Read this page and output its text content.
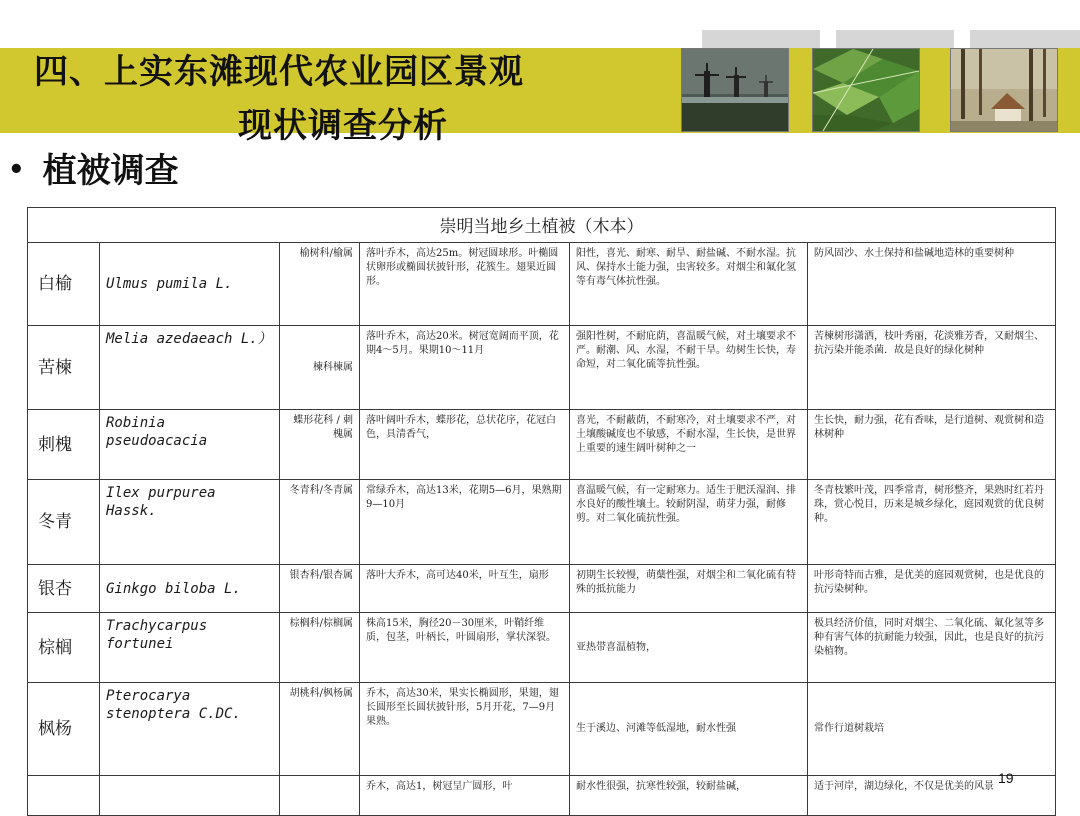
四、上实东滩现代农业园区景观
现状调查分析
• 植被调查
崇明当地乡土植被（木本）					
白榆	Ulmus pumila L.	榆树科/榆属	落叶乔木，高达25m。树冠圆球形。叶椭圆状卵形或椭圆状披针形，花簇生。翅果近圆形。	阳性，喜光、耐寒、耐旱、耐盐碱、不耐水湿。抗风、保持水土能力强，虫害较多。对烟尘和氟化氢等有毒气体抗性强。	防风固沙、水土保持和盐碱地造林的重要树种
苦楝	Melia azedaeach L.）	楝科楝属	落叶乔木，高达20米。树冠宽阔而平顶，花期4～5月。果期10～11月	强阳性树，不耐庇荫，喜温暖气候，对土壤要求不严。耐潮、风、水湿，不耐干旱。幼树生长快，寿命短，对二氧化硫等抗性强。	苦楝树形潇洒，枝叶秀丽，花淡雅芳香，又耐烟尘、抗污染并能杀菌．故是良好的绿化树种
刺槐	Robinia pseudoacacia	蝶形花科 / 刺槐属	落叶阔叶乔木，蝶形花，总状花序，花冠白色，具清香气，	喜光，不耐蔽荫，不耐寒冷，对土壤要求不严，对土壤酸碱度也不敏感，不耐水湿，生长快，是世界上重要的速生阔叶树种之一	生长快，耐力强，花有香味，是行道树、观赏树和造林树种
冬青	Ilex purpurea Hassk.	冬青科/冬青属	常绿乔木，高达13米，花期5—6月，果熟期9—10月	喜温暖气候，有一定耐寒力。适生于肥沃湿润、排水良好的酸性壤土。较耐阴湿，萌芽力强，耐修剪。对二氧化硫抗性强。	冬青枝繁叶茂，四季常青，树形整齐，果熟时红若丹珠，赏心悦目，历来是城乡绿化，庭园观赏的优良树种。
银杏	Ginkgo biloba L.	银杏科/银杏属	落叶大乔木，高可达40米，叶互生，扇形	初期生长较慢，萌蘖性强，对烟尘和二氧化硫有特殊的抵抗能力	叶形奇特而古雅，是优美的庭园观赏树，也是优良的抗污染树种。
棕榈	Trachycarpus fortunei	棕榈科/棕榈属	株高15米，胸径20－30厘米，叶鞘纤维质，包茎，叶柄长，叶圆扇形，掌状深裂。	亚热带喜温植物，	极具经济价值，同时对烟尘、二氧化硫、氟化氢等多种有害气体的抗耐能力较强，因此，也是良好的抗污染植物。
枫杨	Pterocarya stenoptera C.DC.	胡桃科/枫杨属	乔木，高达30米，果实长椭圆形，果翅，翅长圆形至长圆状披针形，5月开花，7—9月果熟。	生于溪边、河滩等低湿地，耐水性强	常作行道树栽培
			乔木，高达1，树冠呈广圆形，叶	耐水性很强，抗寒性较强，较耐盐碱，	适于河岸，湖边绿化，不仅是优美的风景
19
